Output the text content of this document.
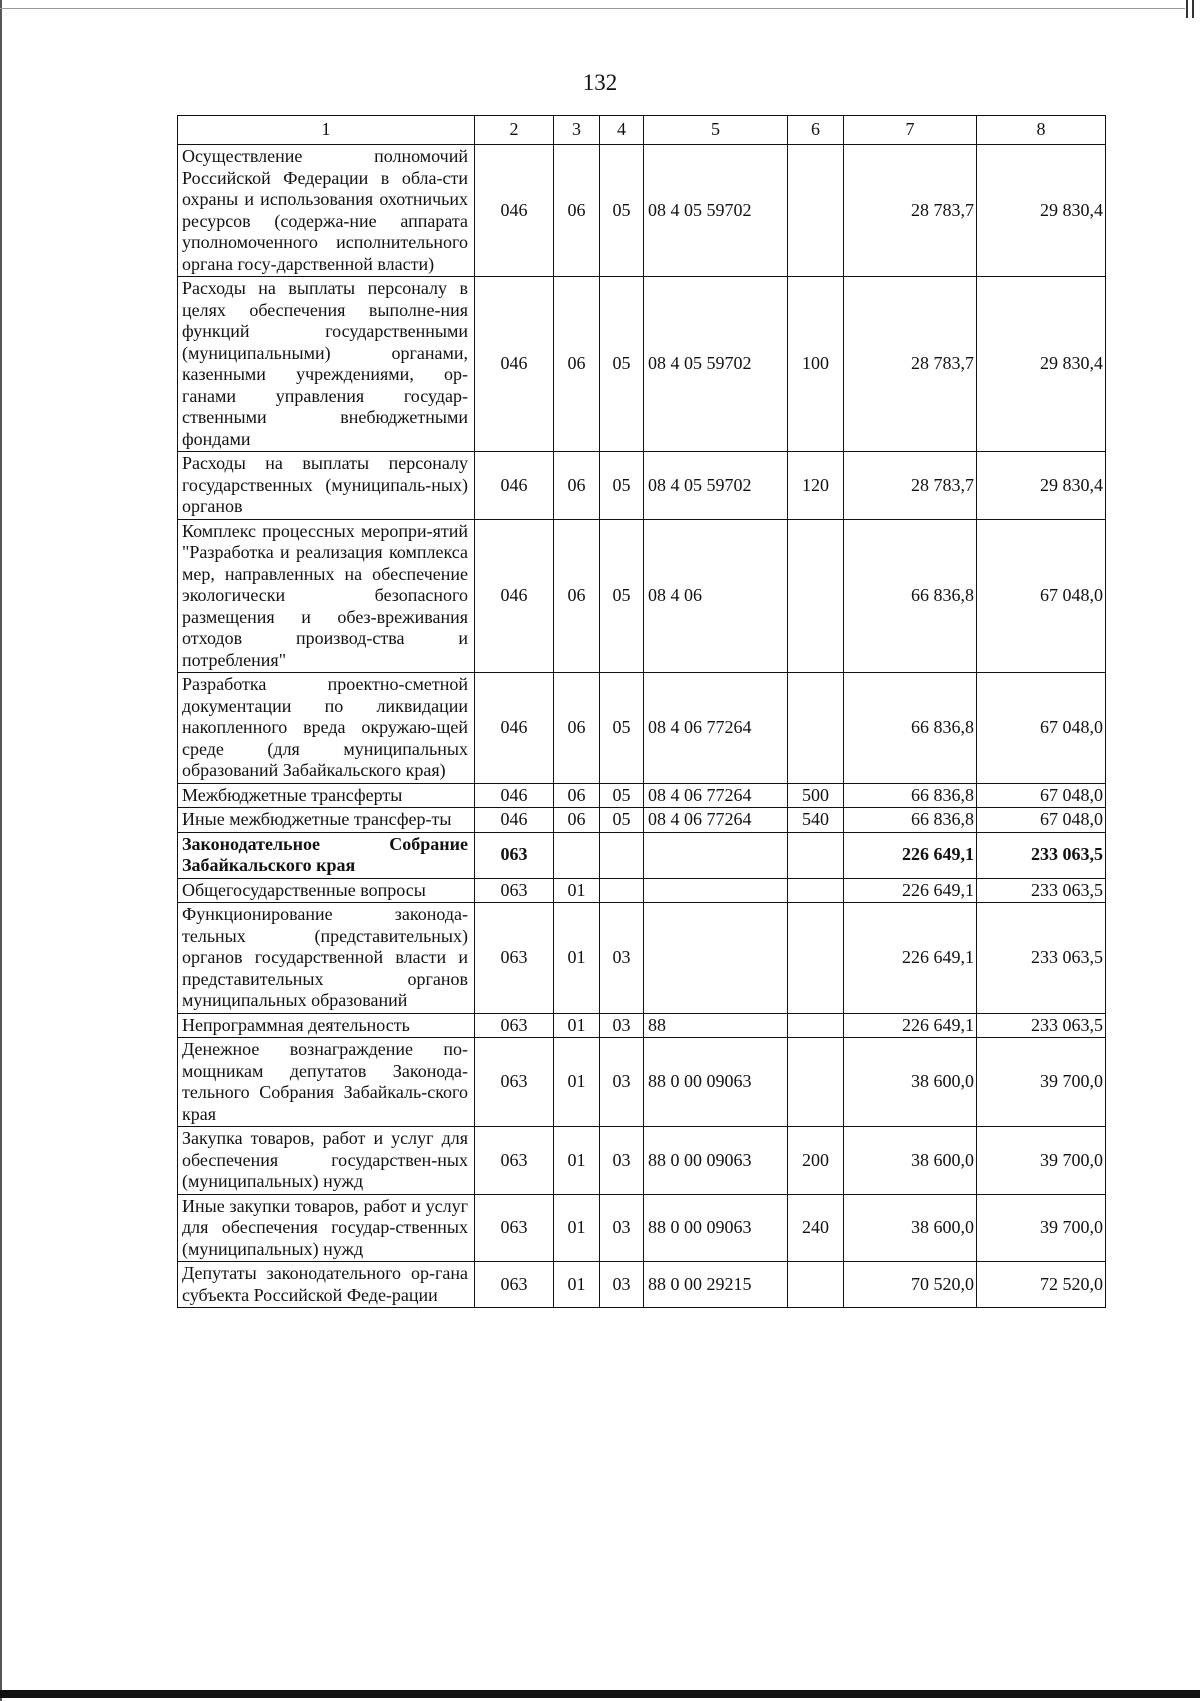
132
1	2	3	4	5	6	7	8
Осуществление полномочий Российской Федерации в обла-сти охраны и использования охотничьих ресурсов (содержа-ние аппарата уполномоченного исполнительного органа госу-дарственной власти)	046	06	05	08 4 05 59702		28 783,7	29 830,4
Расходы на выплаты персоналу в целях обеспечения выполне-ния функций государственными (муниципальными) органами, казенными учреждениями, ор-ганами управления государ-ственными внебюджетными фондами	046	06	05	08 4 05 59702	100	28 783,7	29 830,4
Расходы на выплаты персоналу государственных (муниципаль-ных) органов	046	06	05	08 4 05 59702	120	28 783,7	29 830,4
Комплекс процессных меропри-ятий "Разработка и реализация комплекса мер, направленных на обеспечение экологически безопасного размещения и обез-вреживания отходов производ-ства и потребления"	046	06	05	08 4 06		66 836,8	67 048,0
Разработка проектно-сметной документации по ликвидации накопленного вреда окружаю-щей среде (для муниципальных образований Забайкальского края)	046	06	05	08 4 06 77264		66 836,8	67 048,0
Межбюджетные трансферты	046	06	05	08 4 06 77264	500	66 836,8	67 048,0
Иные межбюджетные трансфер-ты	046	06	05	08 4 06 77264	540	66 836,8	67 048,0
Законодательное Собрание Забайкальского края	063					226 649,1	233 063,5
Общегосударственные вопросы	063	01				226 649,1	233 063,5
Функционирование законода-тельных (представительных) органов государственной власти и представительных органов муниципальных образований	063	01	03			226 649,1	233 063,5
Непрограммная деятельность	063	01	03	88		226 649,1	233 063,5
Денежное вознаграждение по-мощникам депутатов Законода-тельного Собрания Забайкаль-ского края	063	01	03	88 0 00 09063		38 600,0	39 700,0
Закупка товаров, работ и услуг для обеспечения государствен-ных (муниципальных) нужд	063	01	03	88 0 00 09063	200	38 600,0	39 700,0
Иные закупки товаров, работ и услуг для обеспечения государ-ственных (муниципальных) нужд	063	01	03	88 0 00 09063	240	38 600,0	39 700,0
Депутаты законодательного ор-гана субъекта Российской Феде-рации	063	01	03	88 0 00 29215		70 520,0	72 520,0
